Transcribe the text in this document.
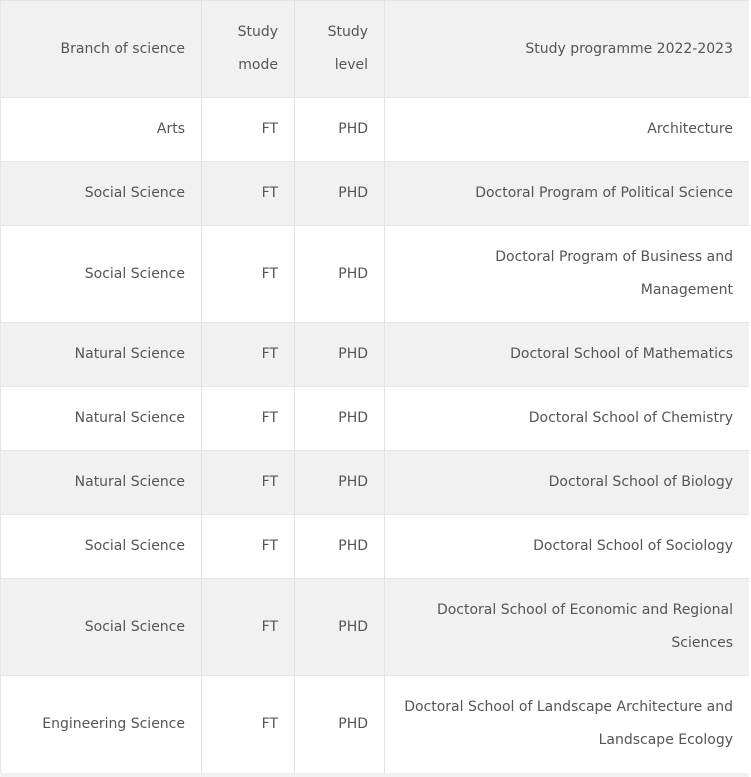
Branch of science	Study mode	Study level	Study programme 2022-2023
Arts	FT	PHD	Architecture
Social Science	FT	PHD	Doctoral Program of Political Science
Social Science	FT	PHD	Doctoral Program of Business and Management
Natural Science	FT	PHD	Doctoral School of Mathematics
Natural Science	FT	PHD	Doctoral School of Chemistry
Natural Science	FT	PHD	Doctoral School of Biology
Social Science	FT	PHD	Doctoral School of Sociology
Social Science	FT	PHD	Doctoral School of Economic and Regional Sciences
Engineering Science	FT	PHD	Doctoral School of Landscape Architecture and Landscape Ecology
